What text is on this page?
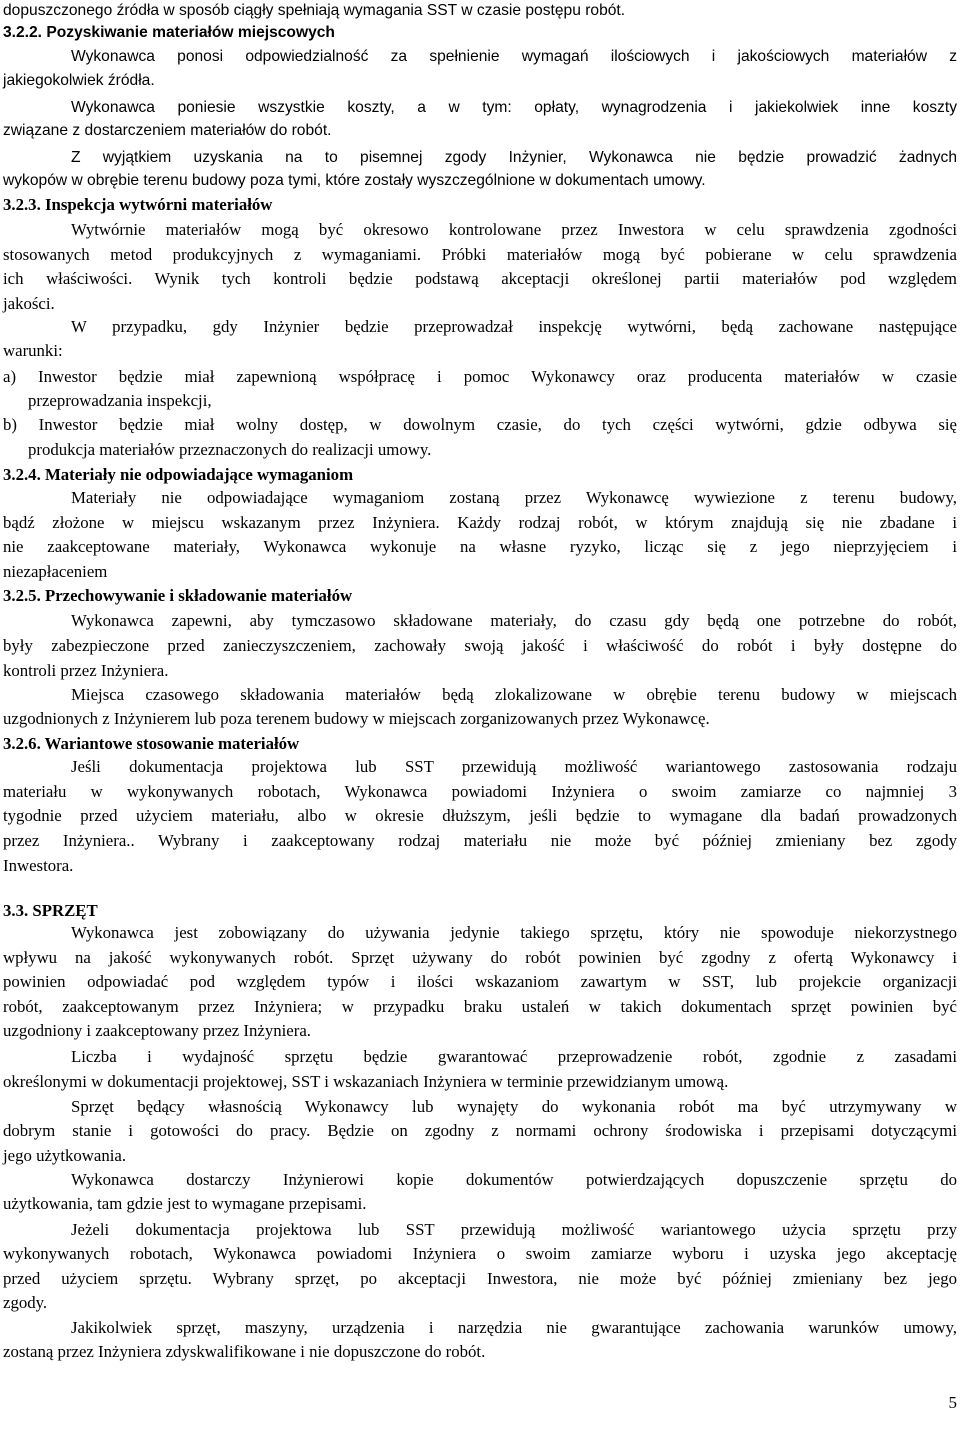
dopuszczonego źródła w sposób ciągły spełniają wymagania SST w czasie postępu robót.
3.2.2. Pozyskiwanie materiałów miejscowych
Wykonawca ponosi odpowiedzialność za spełnienie wymagań ilościowych i jakościowych materiałów z
jakiegokolwiek źródła.
Wykonawca poniesie wszystkie koszty, a w tym: opłaty, wynagrodzenia i jakiekolwiek inne koszty
związane z dostarczeniem materiałów do robót.
Z wyjątkiem uzyskania na to pisemnej zgody Inżynier, Wykonawca nie będzie prowadzić żadnych
wykopów w obrębie terenu budowy poza tymi, które zostały wyszczególnione w dokumentach umowy.
3.2.3. Inspekcja wytwórni materiałów
Wytwórnie materiałów mogą być okresowo kontrolowane przez Inwestora w celu sprawdzenia zgodności
stosowanych metod produkcyjnych z wymaganiami. Próbki materiałów mogą być pobierane w celu sprawdzenia
ich właściwości. Wynik tych kontroli będzie podstawą akceptacji określonej partii materiałów pod względem
jakości.
W przypadku, gdy Inżynier będzie przeprowadzał inspekcję wytwórni, będą zachowane następujące
warunki:
a) Inwestor będzie miał zapewnioną współpracę i pomoc Wykonawcy oraz producenta materiałów w czasie
przeprowadzania inspekcji,
b) Inwestor będzie miał wolny dostęp, w dowolnym czasie, do tych części wytwórni, gdzie odbywa się
produkcja materiałów przeznaczonych do realizacji umowy.
3.2.4. Materiały nie odpowiadające wymaganiom
Materiały nie odpowiadające wymaganiom zostaną przez Wykonawcę wywiezione z terenu budowy,
bądź złożone w miejscu wskazanym przez Inżyniera. Każdy rodzaj robót, w którym znajdują się nie zbadane i
nie zaakceptowane materiały, Wykonawca wykonuje na własne ryzyko, licząc się z jego nieprzyjęciem i
niezapłaceniem
3.2.5. Przechowywanie i składowanie materiałów
Wykonawca zapewni, aby tymczasowo składowane materiały, do czasu gdy będą one potrzebne do robót,
były zabezpieczone przed zanieczyszczeniem, zachowały swoją jakość i właściwość do robót i były dostępne do
kontroli przez Inżyniera.
Miejsca czasowego składowania materiałów będą zlokalizowane w obrębie terenu budowy w miejscach
uzgodnionych z Inżynierem lub poza terenem budowy w miejscach zorganizowanych przez Wykonawcę.
3.2.6. Wariantowe stosowanie materiałów
Jeśli dokumentacja projektowa lub SST przewidują możliwość wariantowego zastosowania rodzaju
materiału w wykonywanych robotach, Wykonawca powiadomi Inżyniera o swoim zamiarze co najmniej 3
tygodnie przed użyciem materiału, albo w okresie dłuższym, jeśli będzie to wymagane dla badań prowadzonych
przez Inżyniera.. Wybrany i zaakceptowany rodzaj materiału nie może być później zmieniany bez zgody
Inwestora.
3.3. SPRZĘT
Wykonawca jest zobowiązany do używania jedynie takiego sprzętu, który nie spowoduje niekorzystnego
wpływu na jakość wykonywanych robót. Sprzęt używany do robót powinien być zgodny z ofertą Wykonawcy i
powinien odpowiadać pod względem typów i ilości wskazaniom zawartym w SST, lub projekcie organizacji
robót, zaakceptowanym przez Inżyniera; w przypadku braku ustaleń w takich dokumentach sprzęt powinien być
uzgodniony i zaakceptowany przez Inżyniera.
Liczba i wydajność sprzętu będzie gwarantować przeprowadzenie robót, zgodnie z zasadami
określonymi w dokumentacji projektowej, SST i wskazaniach Inżyniera w terminie przewidzianym umową.
Sprzęt będący własnością Wykonawcy lub wynajęty do wykonania robót ma być utrzymywany w
dobrym stanie i gotowości do pracy. Będzie on zgodny z normami ochrony środowiska i przepisami dotyczącymi
jego użytkowania.
Wykonawca dostarczy Inżynierowi kopie dokumentów potwierdzających dopuszczenie sprzętu do
użytkowania, tam gdzie jest to wymagane przepisami.
Jeżeli dokumentacja projektowa lub SST przewidują możliwość wariantowego użycia sprzętu przy
wykonywanych robotach, Wykonawca powiadomi Inżyniera o swoim zamiarze wyboru i uzyska jego akceptację
przed użyciem sprzętu. Wybrany sprzęt, po akceptacji Inwestora, nie może być później zmieniany bez jego
zgody.
Jakikolwiek sprzęt, maszyny, urządzenia i narzędzia nie gwarantujące zachowania warunków umowy,
zostaną przez Inżyniera zdyskwalifikowane i nie dopuszczone do robót.
5
